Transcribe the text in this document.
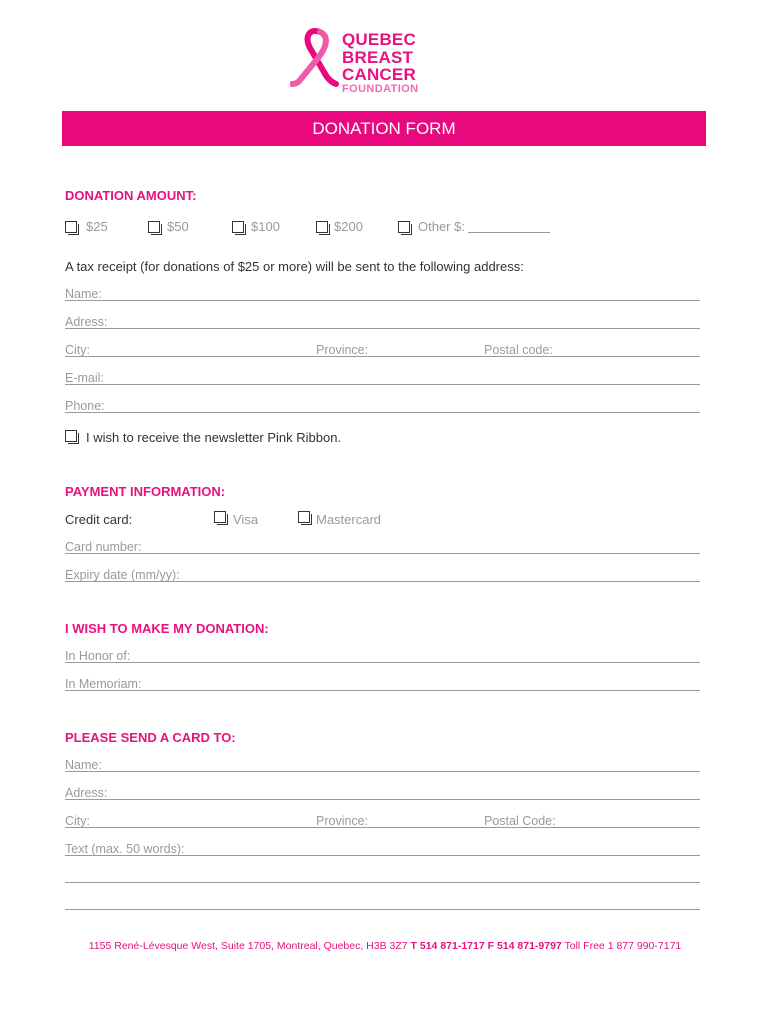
QUEBEC
BREAST CANCER
FOUNDATION
DONATION FORM
DONATION AMOUNT:
$25	$50	$100	$200	Other $:
A tax receipt (for donations of $25 or more) will be sent to the following address:
Name:
Adress:
City:	Province:	Postal code:
E-mail:
Phone:
I wish to receive the newsletter Pink Ribbon.
PAYMENT INFORMATION:
Credit card:	Visa	Mastercard
Card number:
Expiry date (mm/yy):
I WISH TO MAKE MY DONATION:
In Honor of:
In Memoriam:
PLEASE SEND A CARD TO:
Name:
Adress:
City:	Province:	Postal Code:
Text (max. 50 words):
1155 René-Lévesque West, Suite 1705, Montreal, Quebec, H3B 3Z7 T 514 871-1717 F 514 871-9797 Toll Free 1 877 990-7171
